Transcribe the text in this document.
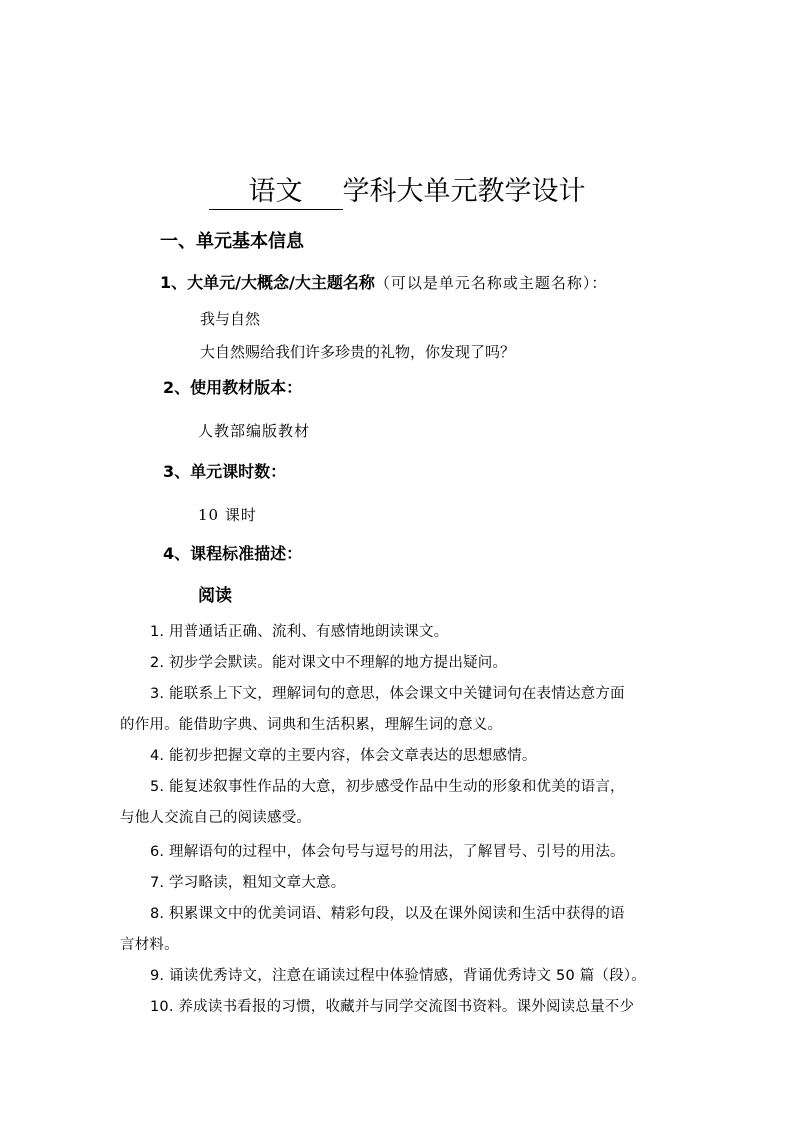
语文 学科大单元教学设计
一、单元基本信息
1、大单元/大概念/大主题名称（可以是单元名称或主题名称）：
我与自然
大自然赐给我们许多珍贵的礼物，你发现了吗？
2、使用教材版本：
人教部编版教材
3、单元课时数：
10 课时
4、课程标准描述：
阅读
1. 用普通话正确、流利、有感情地朗读课文。
2. 初步学会默读。能对课文中不理解的地方提出疑问。
3. 能联系上下文，理解词句的意思，体会课文中关键词句在表情达意方面
的作用。能借助字典、词典和生活积累，理解生词的意义。
4. 能初步把握文章的主要内容，体会文章表达的思想感情。
5. 能复述叙事性作品的大意，初步感受作品中生动的形象和优美的语言，
与他人交流自己的阅读感受。
6. 理解语句的过程中，体会句号与逗号的用法，了解冒号、引号的用法。
7. 学习略读，粗知文章大意。
8. 积累课文中的优美词语、精彩句段，以及在课外阅读和生活中获得的语
言材料。
9. 诵读优秀诗文，注意在诵读过程中体验情感，背诵优秀诗文 50 篇（段）。
10. 养成读书看报的习惯，收藏并与同学交流图书资料。课外阅读总量不少
